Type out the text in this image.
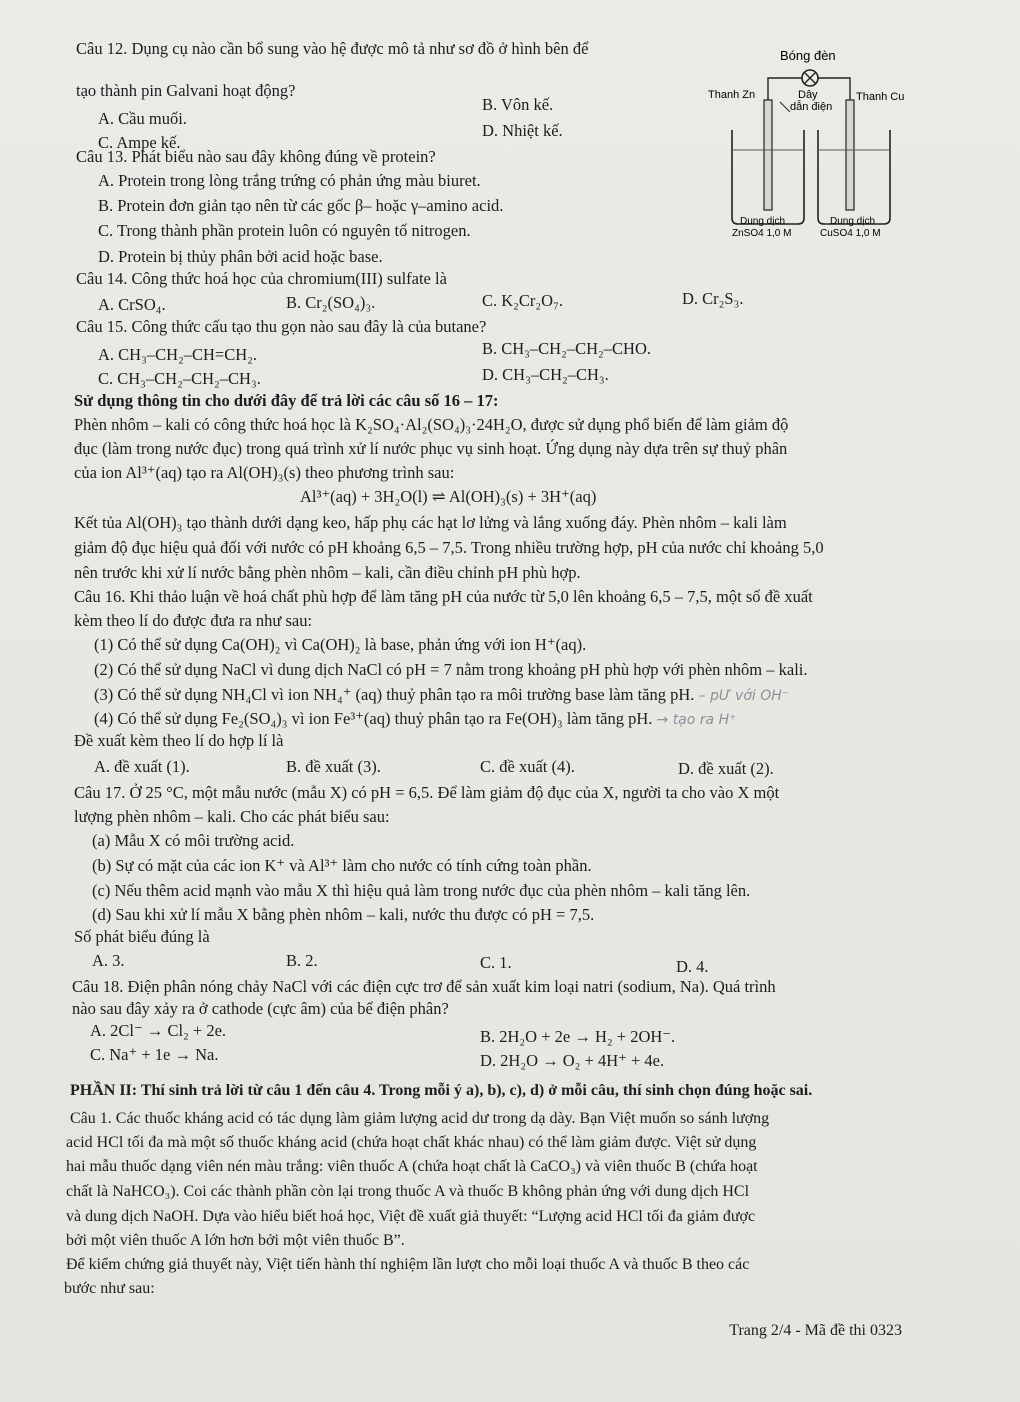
Câu 12. Dụng cụ nào cần bổ sung vào hệ được mô tả như sơ đồ ở hình bên để
tạo thành pin Galvani hoạt động?
A. Cầu muối.
B. Vôn kế.
C. Ampe kế.
D. Nhiệt kế.
Bóng đèn
Thanh Zn	Thanh Cu
Dây
dẫn điện
Dung dịch
ZnSO4 1,0 M
Dung dịch
CuSO4 1,0 M
Câu 13. Phát biểu nào sau đây không đúng về protein?
A. Protein trong lòng trắng trứng có phản ứng màu biuret.
B. Protein đơn giản tạo nên từ các gốc β– hoặc γ–amino acid.
C. Trong thành phần protein luôn có nguyên tố nitrogen.
D. Protein bị thủy phân bởi acid hoặc base.
Câu 14. Công thức hoá học của chromium(III) sulfate là
A. CrSO₄.	B. Cr₂(SO₄)₃.	C. K₂Cr₂O₇.	D. Cr₂S₃.
Câu 15. Công thức cấu tạo thu gọn nào sau đây là của butane?
A. CH₃–CH₂–CH=CH₂.	B. CH₃–CH₂–CH₂–CHO.
C. CH₃–CH₂–CH₂–CH₃.	D. CH₃–CH₂–CH₃.
Sử dụng thông tin cho dưới đây để trả lời các câu số 16 – 17:
Phèn nhôm – kali có công thức hoá học là K₂SO₄·Al₂(SO₄)₃·24H₂O, được sử dụng phổ biến để làm giảm độ
đục (làm trong nước đục) trong quá trình xử lí nước phục vụ sinh hoạt. Ứng dụng này dựa trên sự thuỷ phân
của ion Al³⁺(aq) tạo ra Al(OH)₃(s) theo phương trình sau:
Al³⁺(aq) + 3H₂O(l) ⇌ Al(OH)₃(s) + 3H⁺(aq)
Kết tủa Al(OH)₃ tạo thành dưới dạng keo, hấp phụ các hạt lơ lửng và lắng xuống đáy. Phèn nhôm – kali làm
giảm độ đục hiệu quả đối với nước có pH khoảng 6,5 – 7,5. Trong nhiều trường hợp, pH của nước chỉ khoảng 5,0
nên trước khi xử lí nước bằng phèn nhôm – kali, cần điều chỉnh pH phù hợp.
Câu 16. Khi thảo luận về hoá chất phù hợp để làm tăng pH của nước từ 5,0 lên khoảng 6,5 – 7,5, một số đề xuất
kèm theo lí do được đưa ra như sau:
(1) Có thể sử dụng Ca(OH)₂ vì Ca(OH)₂ là base, phản ứng với ion H⁺(aq).
(2) Có thể sử dụng NaCl vì dung dịch NaCl có pH = 7 nằm trong khoảng pH phù hợp với phèn nhôm – kali.
(3) Có thể sử dụng NH₄Cl vì ion NH₄⁺ (aq) thuỷ phân tạo ra môi trường base làm tăng pH. – pƯ với OH⁻
(4) Có thể sử dụng Fe₂(SO₄)₃ vì ion Fe³⁺(aq) thuỷ phân tạo ra Fe(OH)₃ làm tăng pH. → tạo ra H⁺
Đề xuất kèm theo lí do hợp lí là
A. đề xuất (1).	B. đề xuất (3).	C. đề xuất (4).	D. đề xuất (2).
Câu 17. Ở 25 °C, một mẫu nước (mẫu X) có pH = 6,5. Để làm giảm độ đục của X, người ta cho vào X một
lượng phèn nhôm – kali. Cho các phát biểu sau:
(a) Mẫu X có môi trường acid.
(b) Sự có mặt của các ion K⁺ và Al³⁺ làm cho nước có tính cứng toàn phần.
(c) Nếu thêm acid mạnh vào mẫu X thì hiệu quả làm trong nước đục của phèn nhôm – kali tăng lên.
(d) Sau khi xử lí mẫu X bằng phèn nhôm – kali, nước thu được có pH = 7,5.
Số phát biểu đúng là
A. 3.	B. 2.	C. 1.	D. 4.
Câu 18. Điện phân nóng chảy NaCl với các điện cực trơ để sản xuất kim loại natri (sodium, Na). Quá trình
nào sau đây xảy ra ở cathode (cực âm) của bể điện phân?
A. 2Cl⁻ → Cl₂ + 2e.	B. 2H₂O + 2e → H₂ + 2OH⁻.
C. Na⁺ + 1e → Na.	D. 2H₂O → O₂ + 4H⁺ + 4e.
PHẦN II: Thí sinh trả lời từ câu 1 đến câu 4. Trong mỗi ý a), b), c), d) ở mỗi câu, thí sinh chọn đúng hoặc sai.
Câu 1. Các thuốc kháng acid có tác dụng làm giảm lượng acid dư trong dạ dày. Bạn Việt muốn so sánh lượng
acid HCl tối đa mà một số thuốc kháng acid (chứa hoạt chất khác nhau) có thể làm giảm được. Việt sử dụng
hai mẫu thuốc dạng viên nén màu trắng: viên thuốc A (chứa hoạt chất là CaCO₃) và viên thuốc B (chứa hoạt
chất là NaHCO₃). Coi các thành phần còn lại trong thuốc A và thuốc B không phản ứng với dung dịch HCl
và dung dịch NaOH. Dựa vào hiểu biết hoá học, Việt đề xuất giả thuyết: “Lượng acid HCl tối đa giảm được
bởi một viên thuốc A lớn hơn bởi một viên thuốc B”.
Để kiểm chứng giả thuyết này, Việt tiến hành thí nghiệm lần lượt cho mỗi loại thuốc A và thuốc B theo các
bước như sau:
Trang 2/4 - Mã đề thi 0323
